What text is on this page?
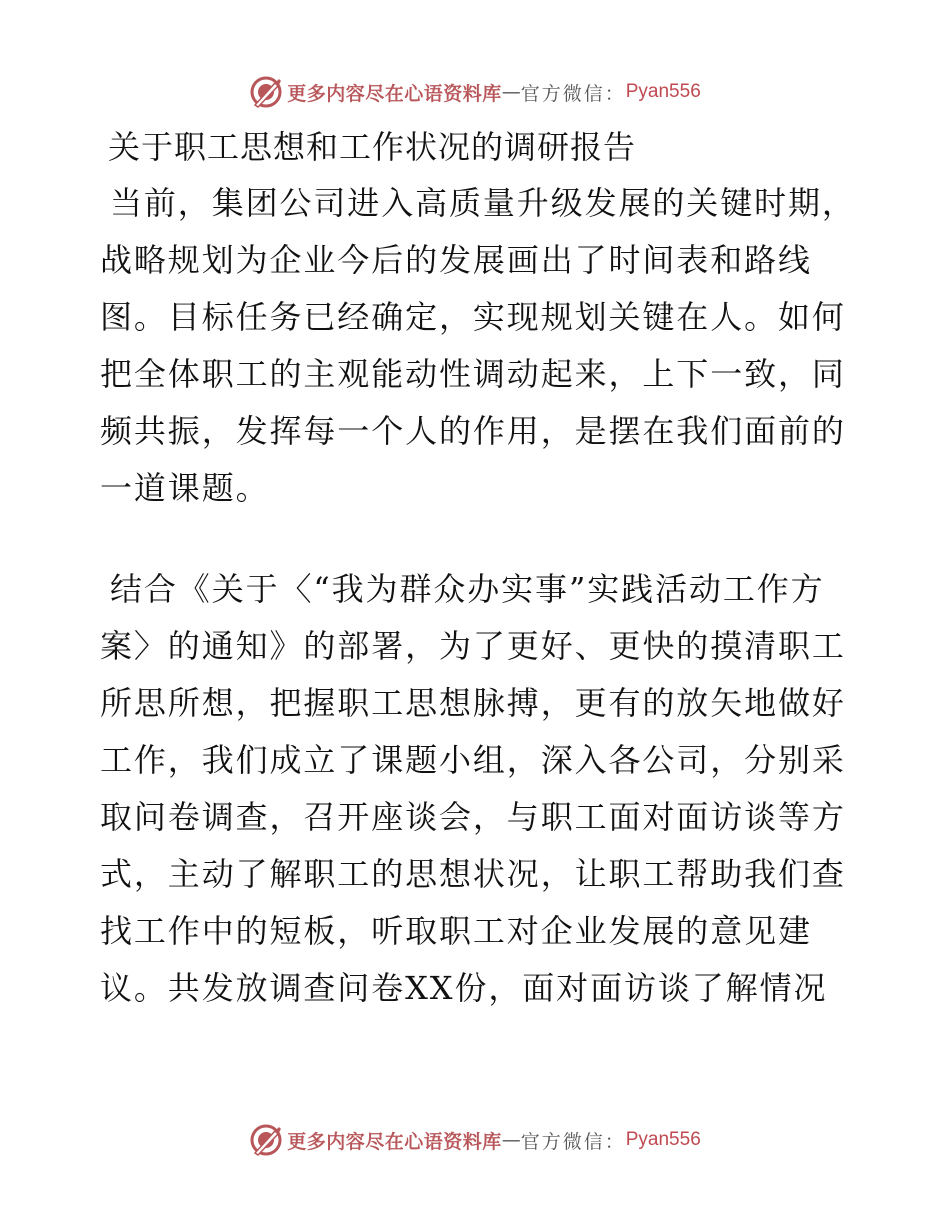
更多内容尽在心语资料库 — 官方微信： Pyan556
关于职工思想和工作状况的调研报告

当前，集团公司进入高质量升级发展的关键时期，战略规划为企业今后的发展画出了时间表和路线图。目标任务已经确定，实现规划关键在人。如何把全体职工的主观能动性调动起来，上下一致，同频共振，发挥每一个人的作用，是摆在我们面前的一道课题。

结合《关于〈“我为群众办实事”实践活动工作方案〉的通知》的部署，为了更好、更快的摸清职工所思所想，把握职工思想脉搏，更有的放矢地做好工作，我们成立了课题小组，深入各公司，分别采取问卷调查，召开座谈会，与职工面对面访谈等方式，主动了解职工的思想状况，让职工帮助我们查找工作中的短板，听取职工对企业发展的意见建议。共发放调查问卷XX份，面对面访谈了解情况

更多内容尽在心语资料库 — 官方微信： Pyan556
